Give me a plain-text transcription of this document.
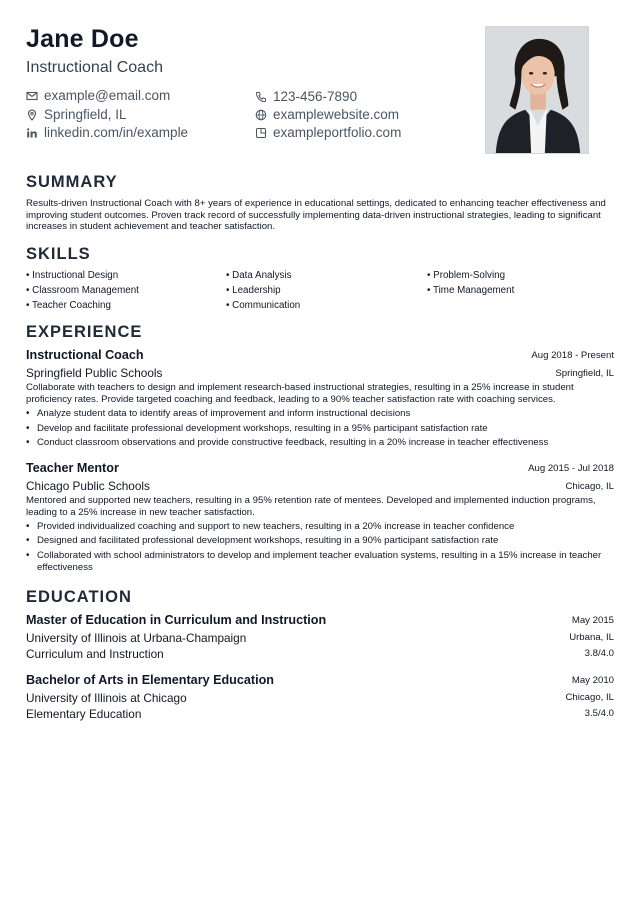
Jane Doe
Instructional Coach
example@email.com
Springfield, IL
linkedin.com/in/example
123-456-7890
examplewebsite.com
exampleportfolio.com
SUMMARY
Results-driven Instructional Coach with 8+ years of experience in educational settings, dedicated to enhancing teacher effectiveness and improving student outcomes. Proven track record of successfully implementing data-driven instructional strategies, leading to significant increases in student achievement and teacher satisfaction.
SKILLS
• Instructional Design
• Classroom Management
• Teacher Coaching
• Data Analysis
• Leadership
• Communication
• Problem-Solving
• Time Management
EXPERIENCE
Instructional Coach	Aug 2018 - Present
Springfield Public Schools	Springfield, IL
Collaborate with teachers to design and implement research-based instructional strategies, resulting in a 25% increase in student proficiency rates. Provide targeted coaching and feedback, leading to a 90% teacher satisfaction rate with coaching services.
• Analyze student data to identify areas of improvement and inform instructional decisions
• Develop and facilitate professional development workshops, resulting in a 95% participant satisfaction rate
• Conduct classroom observations and provide constructive feedback, resulting in a 20% increase in teacher effectiveness
Teacher Mentor	Aug 2015 - Jul 2018
Chicago Public Schools	Chicago, IL
Mentored and supported new teachers, resulting in a 95% retention rate of mentees. Developed and implemented induction programs, leading to a 25% increase in new teacher satisfaction.
• Provided individualized coaching and support to new teachers, resulting in a 20% increase in teacher confidence
• Designed and facilitated professional development workshops, resulting in a 90% participant satisfaction rate
• Collaborated with school administrators to develop and implement teacher evaluation systems, resulting in a 15% increase in teacher effectiveness
EDUCATION
Master of Education in Curriculum and Instruction	May 2015
University of Illinois at Urbana-Champaign	Urbana, IL
Curriculum and Instruction	3.8/4.0
Bachelor of Arts in Elementary Education	May 2010
University of Illinois at Chicago	Chicago, IL
Elementary Education	3.5/4.0
